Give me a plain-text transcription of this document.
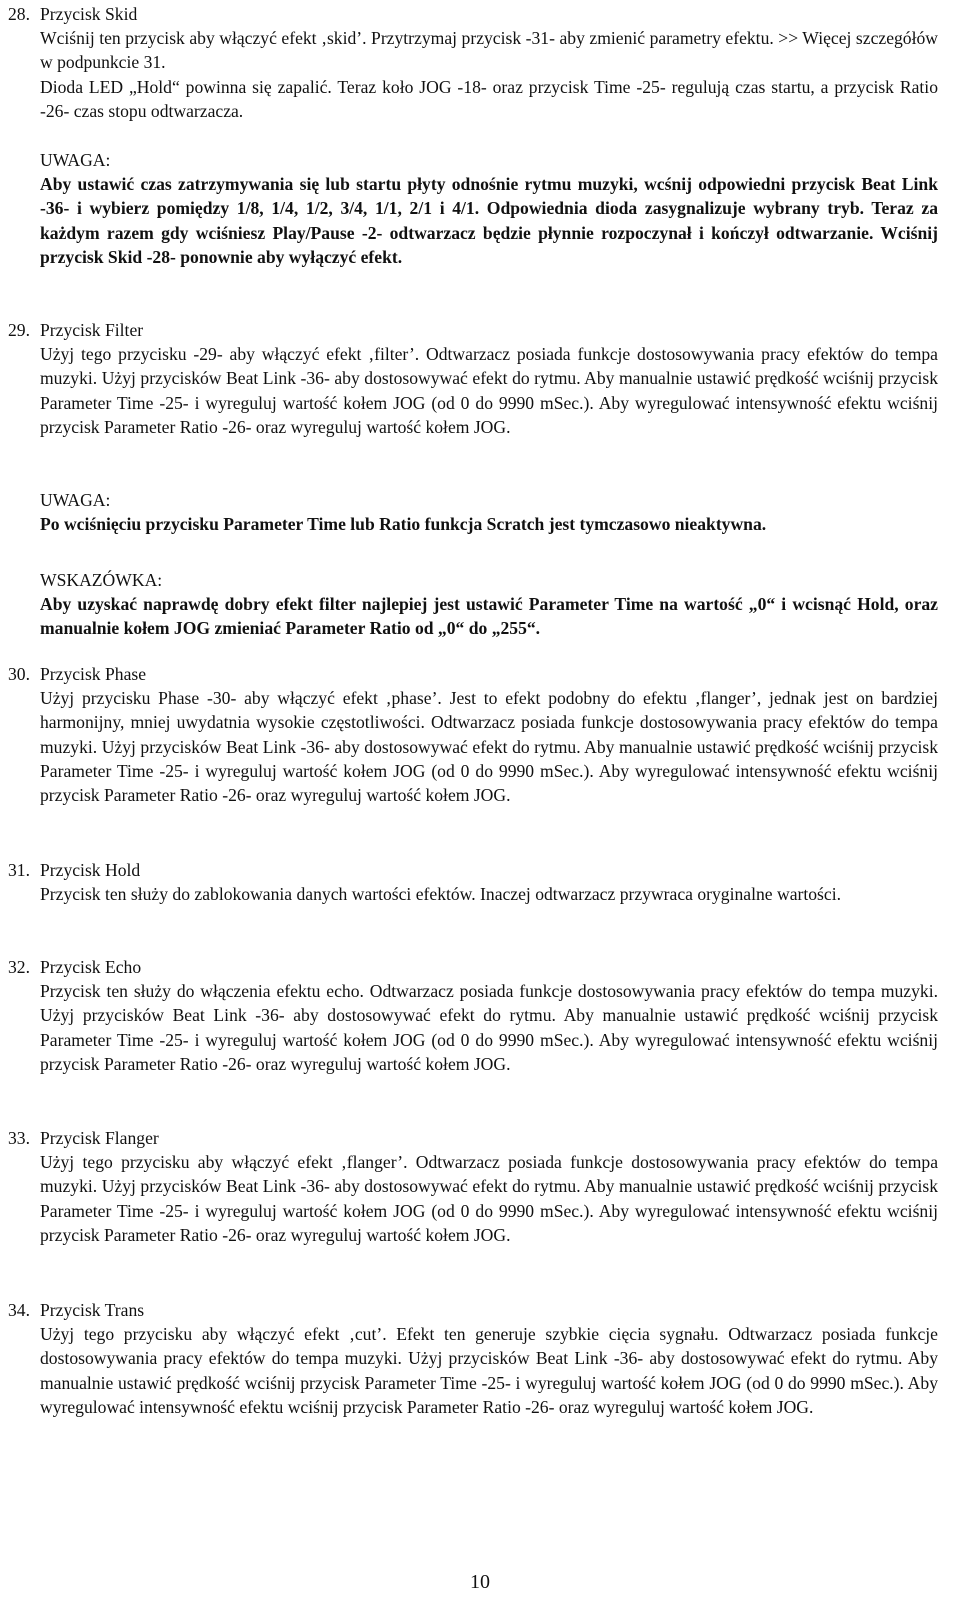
28. Przycisk Skid

Wciśnij ten przycisk aby włączyć efekt ‚skid’. Przytrzymaj przycisk -31- aby zmienić parametry efektu. >> Więcej szczegółów w podpunkcie 31.

Dioda LED „Hold“ powinna się zapalić. Teraz koło JOG -18- oraz przycisk Time -25- regulują czas startu, a przycisk Ratio -26- czas stopu odtwarzacza.

UWAGA:
Aby ustawić czas zatrzymywania się lub startu płyty odnośnie rytmu muzyki, wcśnij odpowiedni przycisk Beat Link -36- i wybierz pomiędzy 1/8, 1/4, 1/2, 3/4, 1/1, 2/1 i 4/1. Odpowiednia dioda zasygnalizuje wybrany tryb. Teraz za każdym razem gdy wciśniesz Play/Pause -2- odtwarzacz będzie płynnie rozpoczynał i kończył odtwarzanie. Wciśnij przycisk Skid -28- ponownie aby wyłączyć efekt.
29. Przycisk Filter

Użyj tego przycisku -29- aby włączyć efekt ‚filter’. Odtwarzacz posiada funkcje dostosowywania pracy efektów do tempa muzyki. Użyj przycisków Beat Link -36- aby dostosowywać efekt do rytmu. Aby manualnie ustawić prędkość wciśnij przycisk Parameter Time -25- i wyreguluj wartość kołem JOG (od 0 do 9990 mSec.). Aby wyregulować intensywność efektu wciśnij przycisk Parameter Ratio -26- oraz wyreguluj wartość kołem JOG.

UWAGA:
Po wciśnięciu przycisku Parameter Time lub Ratio funkcja Scratch jest tymczasowo nieaktywna.
WSKAZÓWKA:
Aby uzyskać naprawdę dobry efekt filter najlepiej jest ustawić Parameter Time na wartość „0“ i wcisnąć Hold, oraz manualnie kołem JOG zmieniać Parameter Ratio od „0“ do „255“.
30. Przycisk Phase

Użyj przycisku Phase -30- aby włączyć efekt ‚phase’. Jest to efekt podobny do efektu ‚flanger’, jednak jest on bardziej harmonijny, mniej uwydatnia wysokie częstotliwości. Odtwarzacz posiada funkcje dostosowywania pracy efektów do tempa muzyki. Użyj przycisków Beat Link -36- aby dostosowywać efekt do rytmu. Aby manualnie ustawić prędkość wciśnij przycisk Parameter Time -25- i wyreguluj wartość kołem JOG (od 0 do 9990 mSec.). Aby wyregulować intensywność efektu wciśnij przycisk Parameter Ratio -26- oraz wyreguluj wartość kołem JOG.

31. Przycisk Hold

Przycisk ten służy do zablokowania danych wartości efektów. Inaczej odtwarzacz przywraca oryginalne wartości.

32. Przycisk Echo

Przycisk ten służy do włączenia efektu echo. Odtwarzacz posiada funkcje dostosowywania pracy efektów do tempa muzyki. Użyj przycisków Beat Link -36- aby dostosowywać efekt do rytmu. Aby manualnie ustawić prędkość wciśnij przycisk Parameter Time -25- i wyreguluj wartość kołem JOG (od 0 do 9990 mSec.). Aby wyregulować intensywność efektu wciśnij przycisk Parameter Ratio -26- oraz wyreguluj wartość kołem JOG.

33. Przycisk Flanger

Użyj tego przycisku aby włączyć efekt ‚flanger’. Odtwarzacz posiada funkcje dostosowywania pracy efektów do tempa muzyki. Użyj przycisków Beat Link -36- aby dostosowywać efekt do rytmu. Aby manualnie ustawić prędkość wciśnij przycisk Parameter Time -25- i wyreguluj wartość kołem JOG (od 0 do 9990 mSec.). Aby wyregulować intensywność efektu wciśnij przycisk Parameter Ratio -26- oraz wyreguluj wartość kołem JOG.

34. Przycisk Trans

Użyj tego przycisku aby włączyć efekt ‚cut’. Efekt ten generuje szybkie cięcia sygnału. Odtwarzacz posiada funkcje dostosowywania pracy efektów do tempa muzyki. Użyj przycisków Beat Link -36- aby dostosowywać efekt do rytmu. Aby manualnie ustawić prędkość wciśnij przycisk Parameter Time -25- i wyreguluj wartość kołem JOG (od 0 do 9990 mSec.). Aby wyregulować intensywność efektu wciśnij przycisk Parameter Ratio -26- oraz wyreguluj wartość kołem JOG.

10
